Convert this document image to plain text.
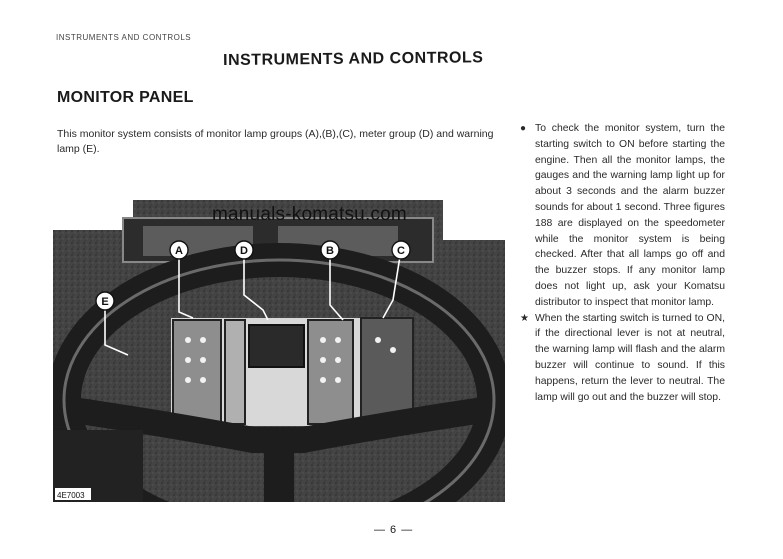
INSTRUMENTS AND CONTROLS
INSTRUMENTS AND CONTROLS
MONITOR PANEL
This monitor system consists of monitor lamp groups (A),(B),(C), meter group (D) and warning lamp (E).
A	D	B	C
E
4E7003
manuals-komatsu.com
● To check the monitor system, turn the starting switch to ON before starting the engine. Then all the monitor lamps, the gauges and the warning lamp light up for about 3 seconds and the alarm buzzer sounds for about 1 second. Three figures 188 are displayed on the speedometer while the monitor system is being checked. After that all lamps go off and the buzzer stops. If any monitor lamp does not light up, ask your Komatsu distributor to inspect that monitor lamp.
★ When the starting switch is turned to ON, if the directional lever is not at neutral, the warning lamp will flash and the alarm buzzer will continue to sound. If this happens, return the lever to neutral. The lamp will go out and the buzzer will stop.
— 6 —
